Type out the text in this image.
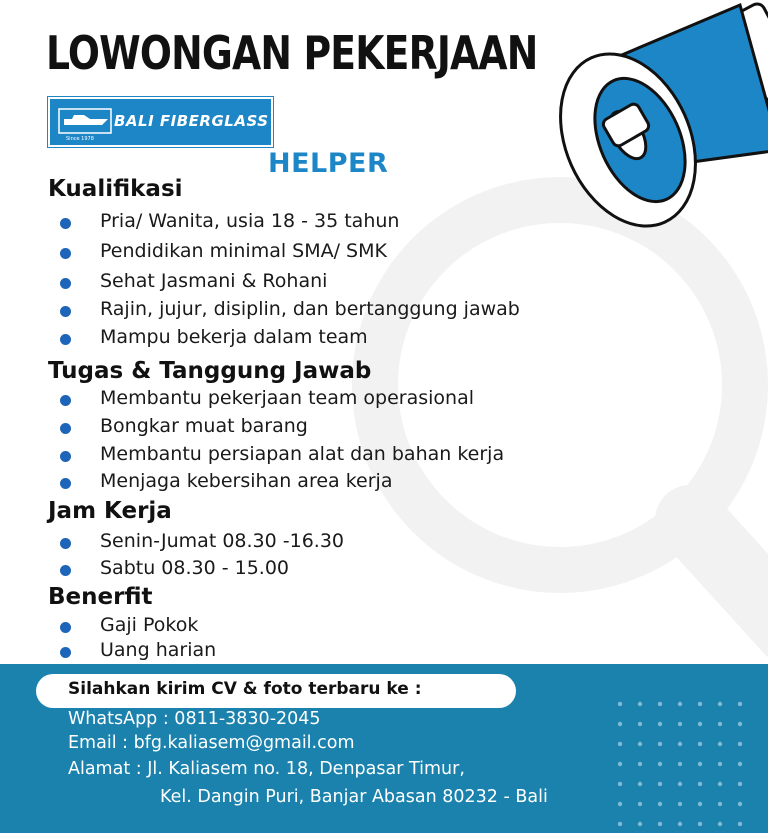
LOWONGAN PEKERJAAN
BALI FIBERGLASS
Since 1978
HELPER
Kualifikasi
Pria/ Wanita, usia 18 - 35 tahun
Pendidikan minimal SMA/ SMK
Sehat Jasmani & Rohani
Rajin, jujur, disiplin, dan bertanggung jawab
Mampu bekerja dalam team
Tugas & Tanggung Jawab
Membantu pekerjaan team operasional
Bongkar muat barang
Membantu persiapan alat dan bahan kerja
Menjaga kebersihan area kerja
Jam Kerja
Senin-Jumat 08.30 -16.30
Sabtu 08.30 - 15.00
Benerfit
Gaji Pokok
Uang harian
Silahkan kirim CV & foto terbaru ke :
WhatsApp : 0811-3830-2045
Email : bfg.kaliasem@gmail.com
Alamat : Jl. Kaliasem no. 18, Denpasar Timur,
Kel. Dangin Puri, Banjar Abasan 80232 - Bali
